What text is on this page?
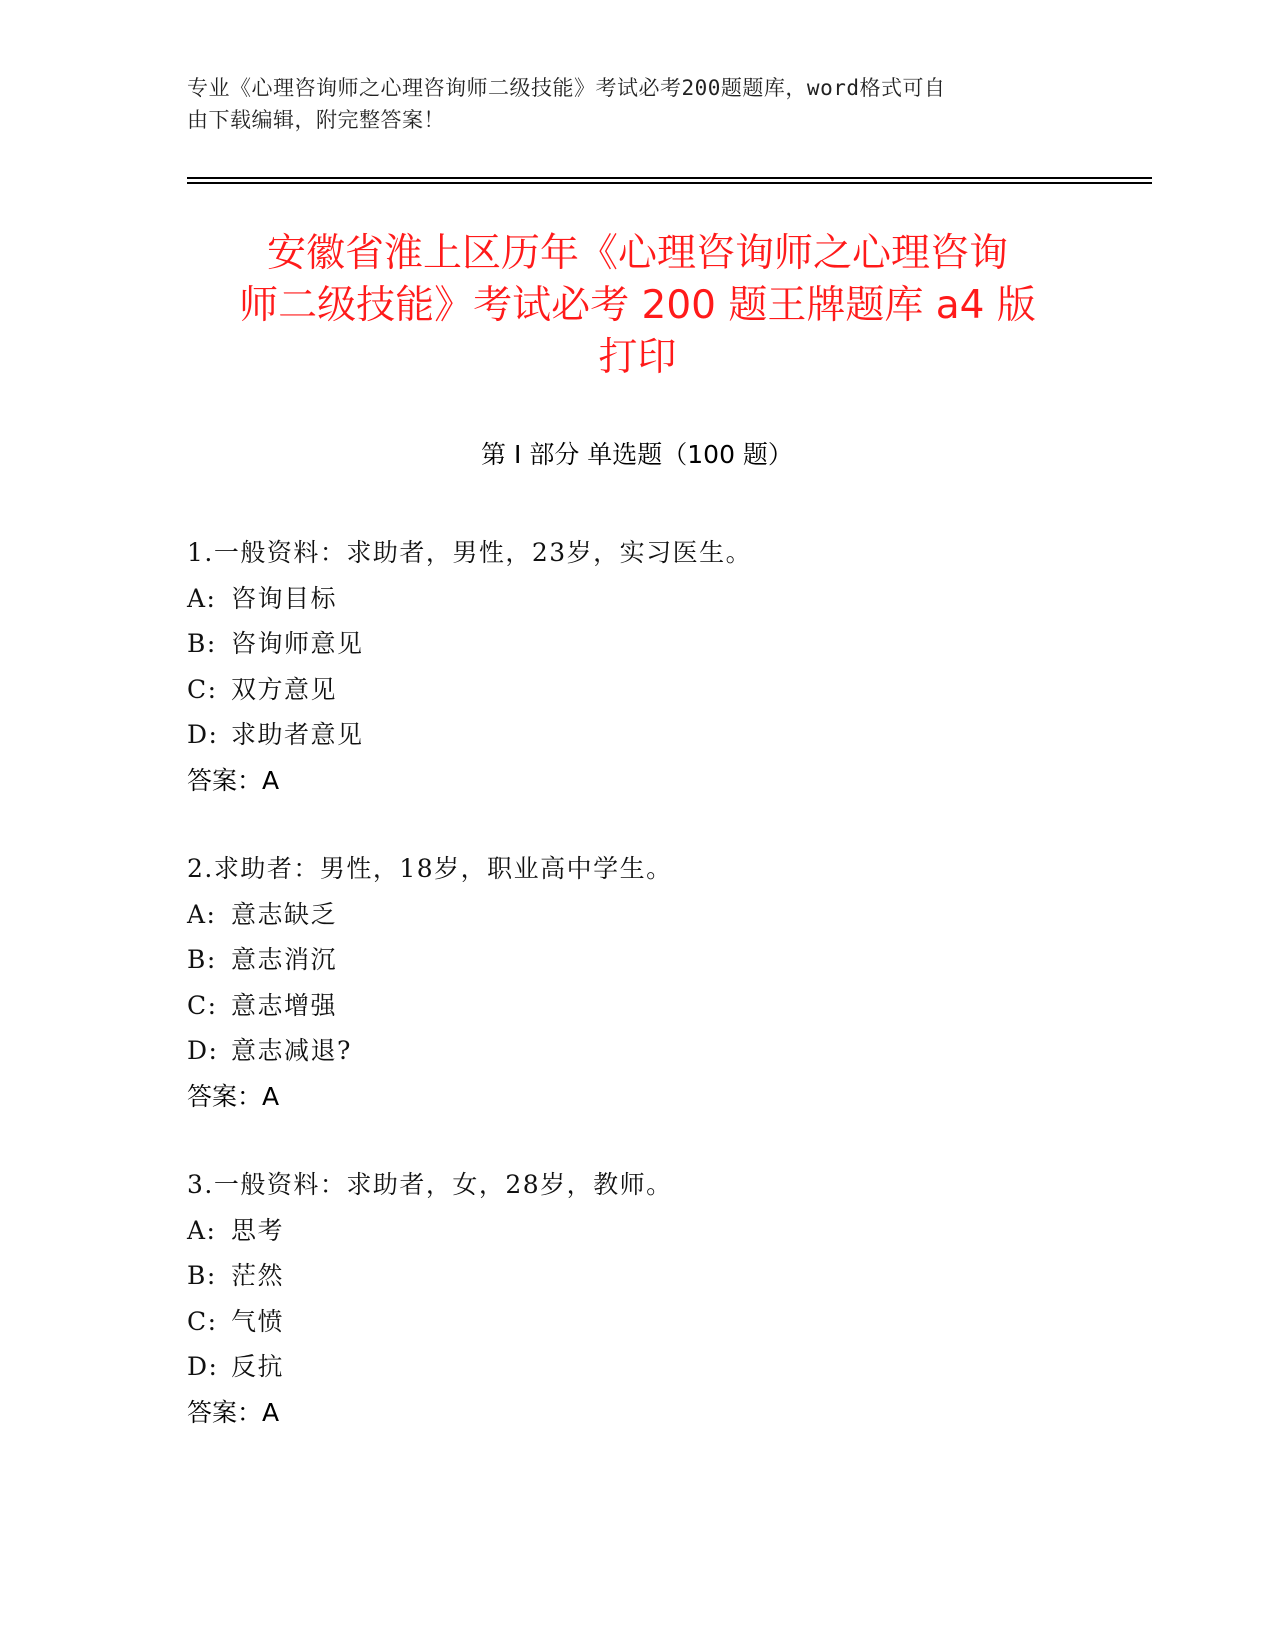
专业《心理咨询师之心理咨询师二级技能》考试必考200题题库，word格式可自
由下载编辑，附完整答案！
安徽省淮上区历年《心理咨询师之心理咨询
师二级技能》考试必考 200 题王牌题库 a4 版
打印
第 I 部分 单选题（100 题）
1.一般资料：求助者，男性，23岁，实习医生。
A: 咨询目标
B: 咨询师意见
C: 双方意见
D: 求助者意见
答案：A
2.求助者：男性，18岁，职业高中学生。
A: 意志缺乏
B: 意志消沉
C: 意志增强
D: 意志减退?
答案：A
3.一般资料：求助者，女，28岁，教师。
A: 思考
B: 茫然
C: 气愤
D: 反抗
答案：A
